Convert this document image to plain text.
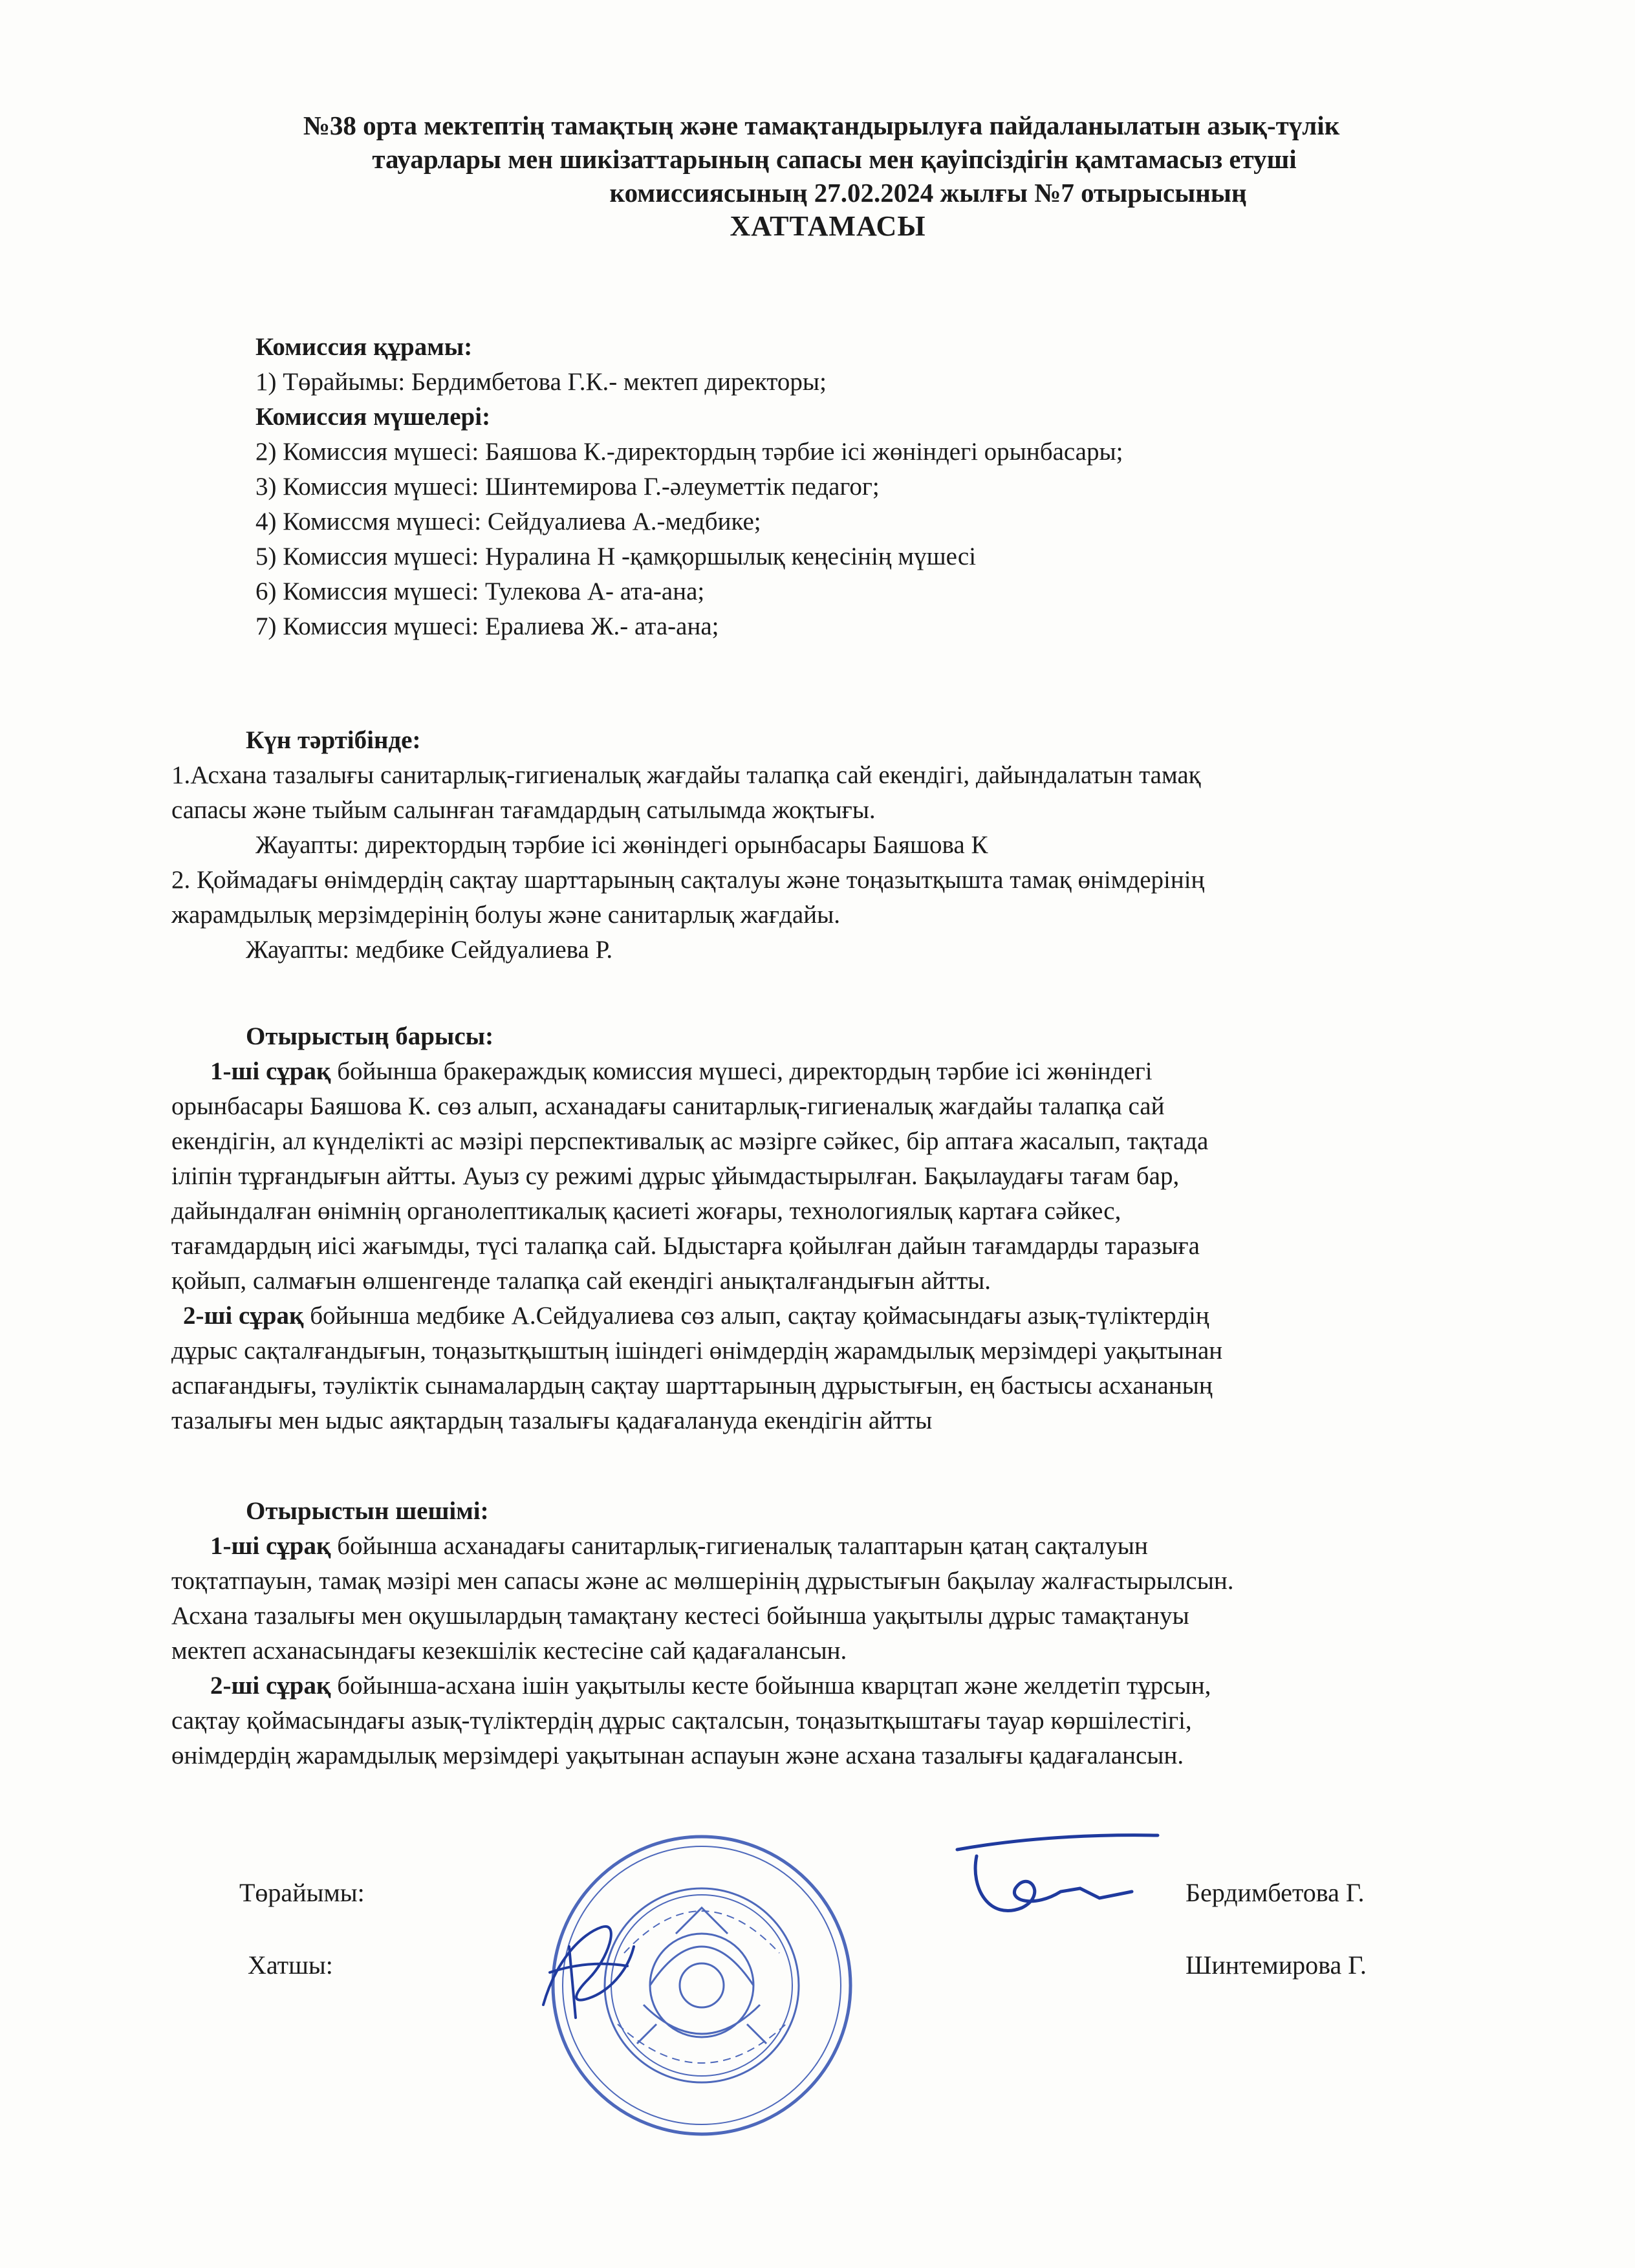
№38 орта мектептің тамақтың және тамақтандырылуға пайдаланылатын азық-түлік
тауарлары мен шикізаттарының сапасы мен қауіпсіздігін қамтамасыз етуші
комиссиясының 27.02.2024 жылғы №7 отырысының
ХАТТАМАСЫ
Комиссия құрамы:
1) Төрайымы: Бердимбетова Г.К.- мектеп директоры;
Комиссия мүшелері:
2) Комиссия мүшесі: Баяшова К.-директордың тәрбие ісі жөніндегі орынбасары;
3) Комиссия мүшесі: Шинтемирова Г.-әлеуметтік педагог;
4) Комиссмя мүшесі: Сейдуалиева А.-медбике;
5) Комиссия мүшесі: Нуралина Н -қамқоршылық кеңесінің мүшесі
6) Комиссия мүшесі: Тулекова А- ата-ана;
7) Комиссия мүшесі: Ералиева Ж.- ата-ана;
Күн тәртібінде:
1.Асхана тазалығы санитарлық-гигиеналық жағдайы талапқа сай екендігі, дайындалатын тамақ
сапасы және тыйым салынған тағамдардың сатылымда жоқтығы.
Жауапты: директордың тәрбие ісі жөніндегі орынбасары Баяшова К
2. Қоймадағы өнімдердің сақтау шарттарының сақталуы және тоңазытқышта тамақ өнімдерінің
жарамдылық мерзімдерінің болуы және санитарлық жағдайы.
Жауапты: медбике Сейдуалиева Р.
Отырыстың барысы:
1-ші сұрақ бойынша бракераждық комиссия мүшесі, директордың тәрбие ісі жөніндегі
орынбасары Баяшова К. сөз алып, асханадағы санитарлық-гигиеналық жағдайы талапқа сай
екендігін, ал күнделікті ас мәзірі перспективалық ас мәзірге сәйкес, бір аптаға жасалып, тақтада
іліпін тұрғандығын айтты. Ауыз су режимі дұрыс ұйымдастырылған. Бақылаудағы тағам бар,
дайындалған өнімнің органолептикалық қасиеті жоғары, технологиялық картаға сәйкес,
тағамдардың иісі жағымды, түсі талапқа сай. Ыдыстарға қойылған дайын тағамдарды таразыға
қойып, салмағын өлшенгенде талапқа сай екендігі анықталғандығын айтты.
2-ші сұрақ бойынша медбике А.Сейдуалиева сөз алып, сақтау қоймасындағы азық-түліктердің
дұрыс сақталғандығын, тоңазытқыштың ішіндегі өнімдердің жарамдылық мерзімдері уақытынан
аспағандығы, тәуліктік сынамалардың сақтау шарттарының дұрыстығын, ең бастысы асхананың
тазалығы мен ыдыс аяқтардың тазалығы қадағалануда екендігін айтты
Отырыстын шешімі:
1-ші сұрақ бойынша асханадағы санитарлық-гигиеналық талаптарын қатаң сақталуын
тоқтатпауын, тамақ мәзірі мен сапасы және ас мөлшерінің дұрыстығын бақылау жалғастырылсын.
Асхана тазалығы мен оқушылардың тамақтану кестесі бойынша уақытылы дұрыс тамақтануы
мектеп асханасындағы кезекшілік кестесіне сай қадағалансын.
2-ші сұрақ бойынша-асхана ішін уақытылы кесте бойынша кварцтап және желдетіп тұрсын,
сақтау қоймасындағы азық-түліктердің дұрыс сақталсын, тоңазытқыштағы тауар көршілестігі,
өнімдердің жарамдылық мерзімдері уақытынан аспауын және асхана тазалығы қадағалансын.
Төрайымы:	Бердимбетова Г.
Хатшы:	Шинтемирова Г.
